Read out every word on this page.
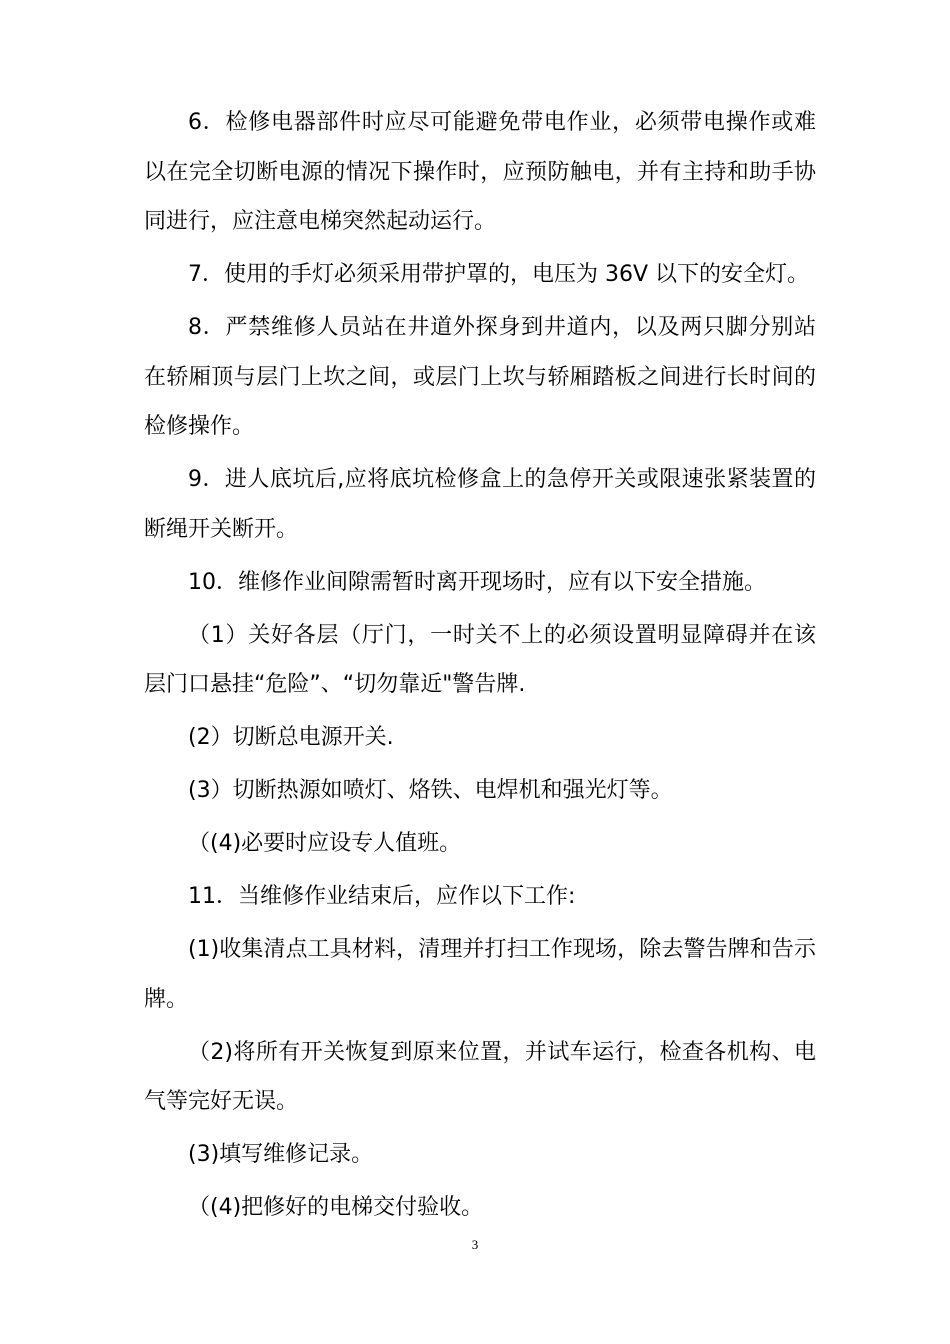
6．检修电器部件时应尽可能避免带电作业，必须带电操作或难以在完全切断电源的情况下操作时，应预防触电，并有主持和助手协同进行，应注意电梯突然起动运行。

7．使用的手灯必须采用带护罩的，电压为 36V 以下的安全灯。

8．严禁维修人员站在井道外探身到井道内，以及两只脚分别站在轿厢顶与层门上坎之间，或层门上坎与轿厢踏板之间进行长时间的检修操作。

9．进人底坑后,应将底坑检修盒上的急停开关或限速张紧装置的断绳开关断开。

10．维修作业间隙需暂时离开现场时，应有以下安全措施。

（1）关好各层（厅门，一时关不上的必须设置明显障碍并在该层门口悬挂“危险”、“切勿靠近"警告牌.

(2）切断总电源开关.

(3）切断热源如喷灯、烙铁、电焊机和强光灯等。

（(4)必要时应设专人值班。

11．当维修作业结束后，应作以下工作:

(1)收集清点工具材料，清理并打扫工作现场，除去警告牌和告示牌。

（2)将所有开关恢复到原来位置，并试车运行，检查各机构、电气等完好无误。

(3)填写维修记录。

（(4)把修好的电梯交付验收。

3
